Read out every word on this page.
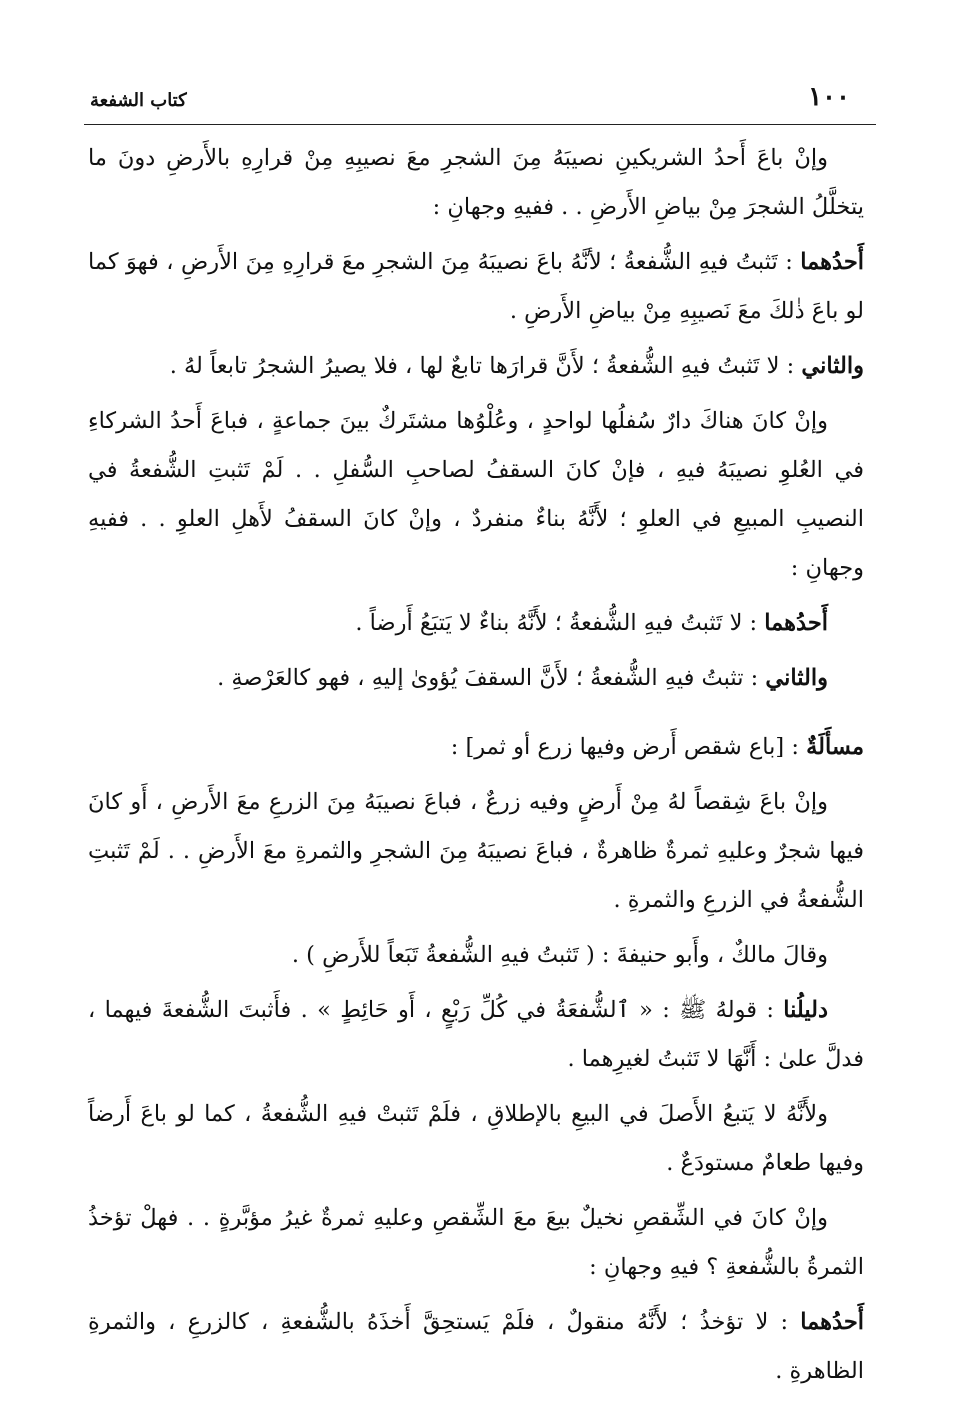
١٠٠
كتاب الشفعة

وإنْ باعَ أَحدُ الشريكينِ نصيبَهُ مِنَ الشجرِ معَ نصيبِهِ مِنْ قرارِهِ بالأَرضِ دونَ ما يتخلَّلُ الشجرَ مِنْ بياضِ الأَرضِ . . ففيهِ وجهانِ :

أَحدُهما : تَثبتُ فيهِ الشُّفعةُ ؛ لأنَّهُ باعَ نصيبَهُ مِنَ الشجرِ معَ قرارِهِ مِنَ الأَرضِ ، فهوَ كما لو باعَ ذٰلكَ معَ نَصيبِهِ مِنْ بياضِ الأَرضِ .

والثاني : لا تَثبتُ فيهِ الشُّفعةُ ؛ لأَنَّ قرارَها تابعٌ لها ، فلا يصيرُ الشجرُ تابعاً لهُ .

وإنْ كانَ هناكَ دارٌ سُفلُها لواحدٍ ، وعُلْوُها مشتَركٌ بينَ جماعةٍ ، فباعَ أَحدُ الشركاءِ في العُلوِ نصيبَهُ فيهِ ، فإنْ كانَ السقفُ لصاحبِ السُّفلِ . . لَمْ تَثبتِ الشُّفعةُ في النصيبِ المبيعِ في العلوِ ؛ لأَنَّهُ بناءٌ منفردٌ ، وإنْ كانَ السقفُ لأَهلِ العلوِ . . ففيهِ وجهانِ :

أَحدُهما : لا تَثبتُ فيهِ الشُّفعةُ ؛ لأَنَّهُ بناءٌ لا يَتبَعُ أَرضاً .

والثاني : تثبتُ فيهِ الشُّفعةُ ؛ لأَنَّ السقفَ يُؤوىٰ إليهِ ، فهو كالعَرْصةِ .

مسأَلَةٌ : [باع شقص أَرض وفيها زرع أو ثمر] :

وإنْ باعَ شِقصاً لهُ مِنْ أَرضٍ وفيه زرعٌ ، فباعَ نصيبَهُ مِنَ الزرعِ معَ الأَرضِ ، أَو كانَ فيها شجرٌ وعليهِ ثمرةٌ ظاهرةٌ ، فباعَ نصيبَهُ مِنَ الشجرِ والثمرةِ معَ الأَرضِ . . لَمْ تَثبتِ الشُّفعةُ في الزرعِ والثمرةِ .

وقالَ مالكٌ ، وأَبو حنيفةَ : ( تَثبتُ فيهِ الشُّفعةُ تَبَعاً للأَرضِ ) .

دليلُنا : قولهُ ﷺ : « ٱلشُّفعَةُ في كُلِّ رَبْعٍ ، أَو حَائِطٍ » . فأَثبتَ الشُّفعةَ فيهما ، فدلَّ علىٰ : أَنَّهَا لا تَثبتُ لغيرِهما .

ولأَنَّهُ لا يَتبعُ الأَصلَ في البيعِ بالإطلاقِ ، فلَمْ تَثبتْ فيهِ الشُّفعةُ ، كما لو باعَ أَرضاً وفيها طعامٌ مستودَعٌ .

وإنْ كانَ في الشِّقصِ نخيلٌ بيعَ معَ الشِّقصِ وعليهِ ثمرةٌ غيرُ مؤبَّرةٍ . . فهلْ تؤخذُ الثمرةُ بالشُّفعةِ ؟ فيهِ وجهانِ :

أَحدُهما : لا تؤخذُ ؛ لأَنَّهُ منقولٌ ، فلَمْ يَستحِقَّ أَخذَهُ بالشُّفعةِ ، كالزرعِ ، والثمرةِ الظاهرةِ .
